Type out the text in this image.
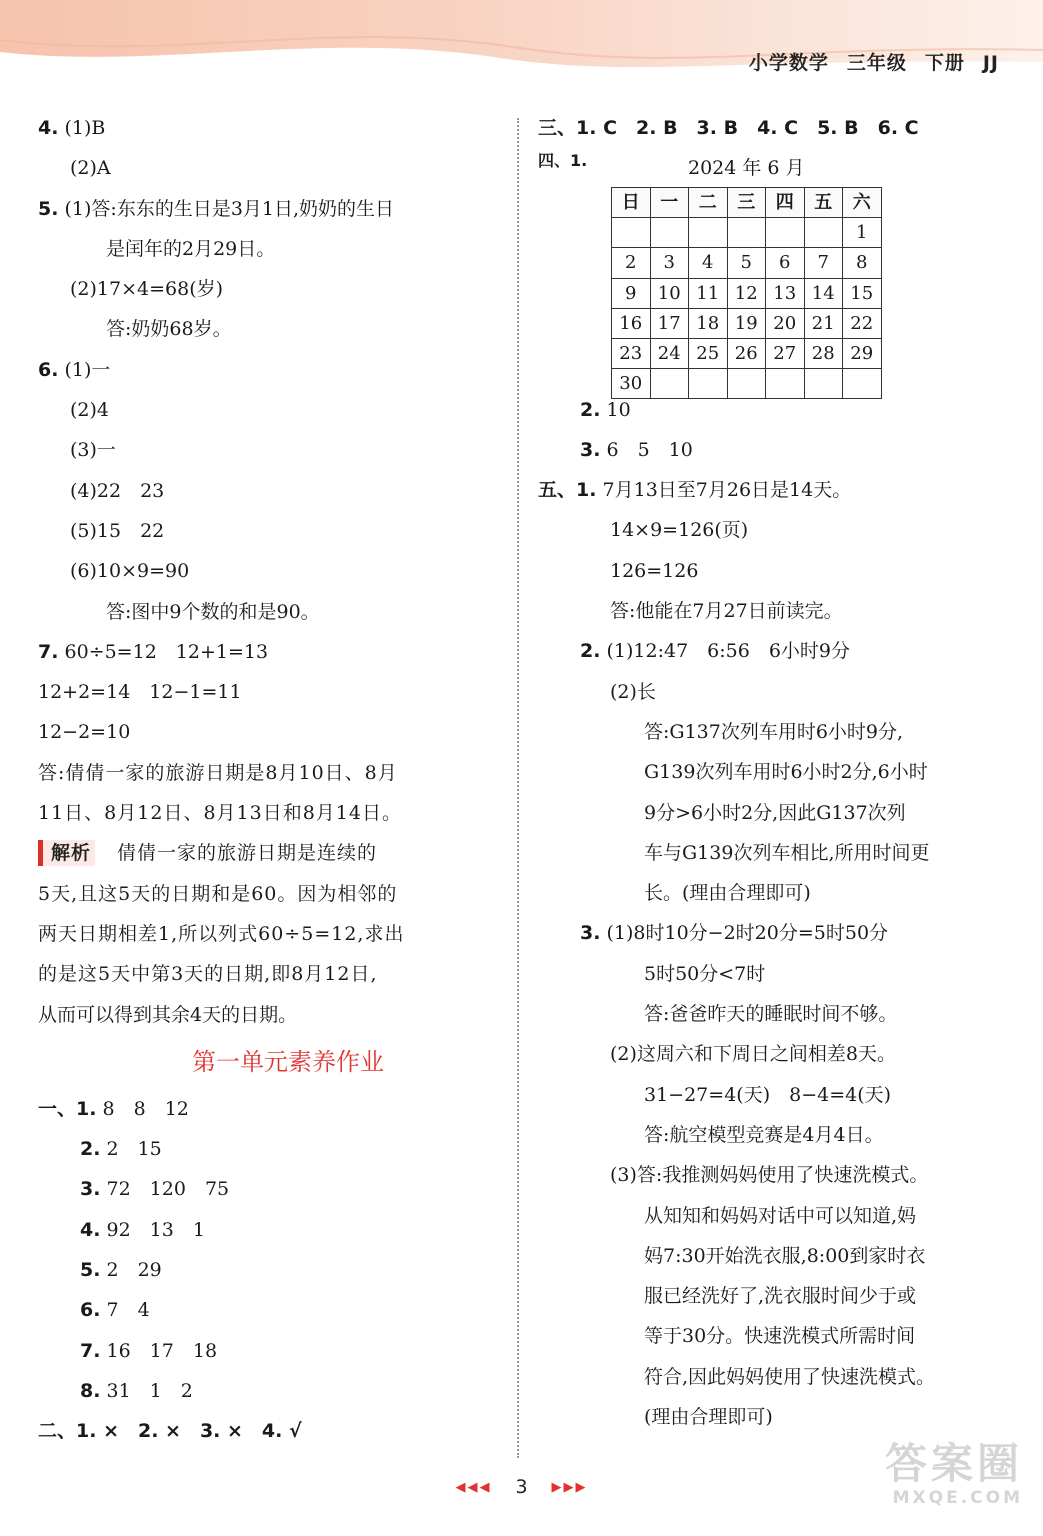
小学数学 三年级 下册 JJ
4. (1)B
(2)A
5. (1)答:东东的生日是3月1日,奶奶的生日
是闰年的2月29日。
(2)17×4=68(岁)
答:奶奶68岁。
6. (1)一
(2)4
(3)一
(4)22　23
(5)15　22
(6)10×9=90
答:图中9个数的和是90。
7. 60÷5=12　12+1=13
12+2=14　12−1=11
12−2=10
答:倩倩一家的旅游日期是8月10日、8月
11日、8月12日、8月13日和8月14日。
解析 倩倩一家的旅游日期是连续的
5天,且这5天的日期和是60。因为相邻的
两天日期相差1,所以列式60÷5=12,求出
的是这5天中第3天的日期,即8月12日,
从而可以得到其余4天的日期。
第一单元素养作业
一、1. 8　8　12
2. 2　15
3. 72　120　75
4. 92　13　1
5. 2　29
6. 7　4
7. 16　17　18
8. 31　1　2
二、1. ×　2. ×　3. ×　4. √
三、1. C　2. B　3. B　4. C　5. B　6. C
四、1.	2024 年 6 月
日	一	二	三	四	五	六
						1
2	3	4	5	6	7	8
9	10	11	12	13	14	15
16	17	18	19	20	21	22
23	24	25	26	27	28	29
30						
2. 10
3. 6　5　10
五、1. 7月13日至7月26日是14天。
14×9=126(页)
126=126
答:他能在7月27日前读完。
2. (1)12:47　6:56　6小时9分
(2)长
答:G137次列车用时6小时9分,
G139次列车用时6小时2分,6小时
9分>6小时2分,因此G137次列
车与G139次列车相比,所用时间更
长。(理由合理即可)
3. (1)8时10分−2时20分=5时50分
5时50分<7时
答:爸爸昨天的睡眠时间不够。
(2)这周六和下周日之间相差8天。
31−27=4(天)　8−4=4(天)
答:航空模型竞赛是4月4日。
(3)答:我推测妈妈使用了快速洗模式。
从知知和妈妈对话中可以知道,妈
妈7:30开始洗衣服,8:00到家时衣
服已经洗好了,洗衣服时间少于或
等于30分。快速洗模式所需时间
符合,因此妈妈使用了快速洗模式。
(理由合理即可)
◀◀◀ 3 ▶▶▶	答案圈
MXQE.COM
